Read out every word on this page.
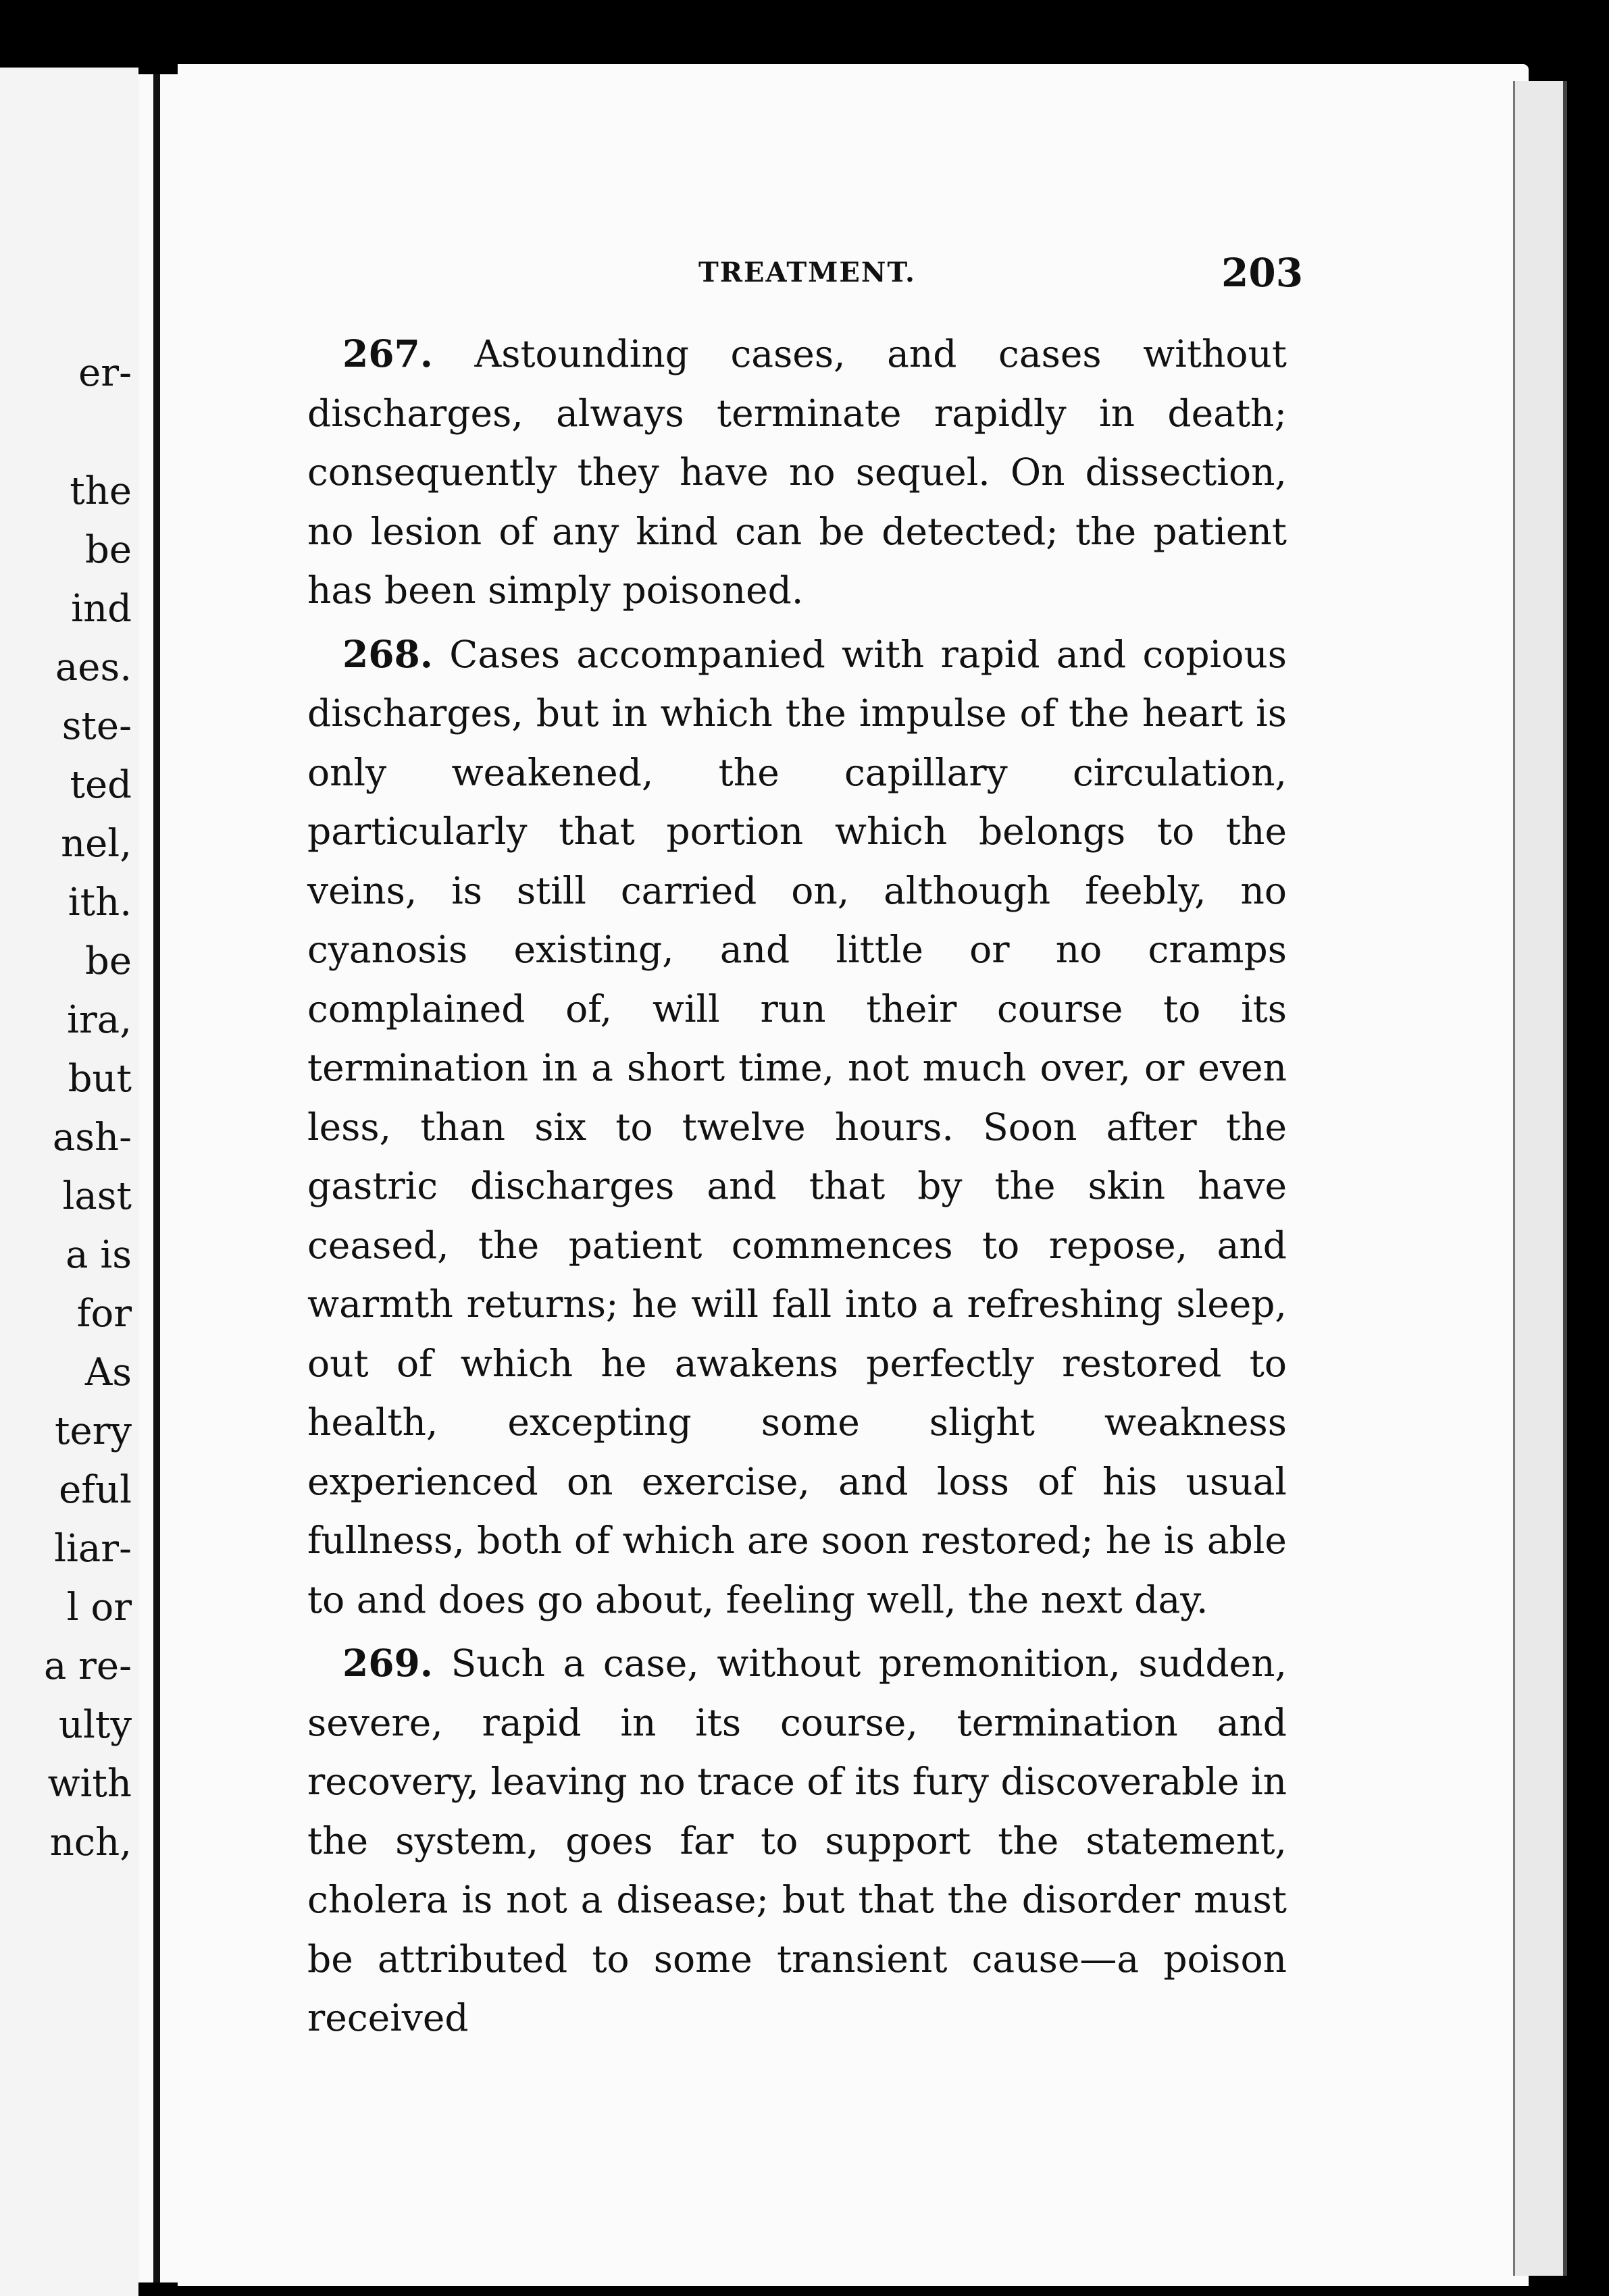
er-
the
be
ind
aes.
ste-
ted
nel,
ith.
be
ira,
but
ash-
last
a is
for
As
tery
eful
liar-
l or
a re-
ulty
with
nch,
TREATMENT.	203

267. Astounding cases, and cases without discharges, always terminate rapidly in death; consequently they have no sequel. On dissection, no lesion of any kind can be detected; the patient has been simply poisoned.

268. Cases accompanied with rapid and copious discharges, but in which the impulse of the heart is only weakened, the capillary circulation, particularly that portion which belongs to the veins, is still carried on, although feebly, no cyanosis existing, and little or no cramps complained of, will run their course to its termination in a short time, not much over, or even less, than six to twelve hours. Soon after the gastric discharges and that by the skin have ceased, the patient commences to repose, and warmth returns; he will fall into a refreshing sleep, out of which he awakens perfectly restored to health, excepting some slight weakness experienced on exercise, and loss of his usual fullness, both of which are soon restored; he is able to and does go about, feeling well, the next day.

269. Such a case, without premonition, sudden, severe, rapid in its course, termination and recovery, leaving no trace of its fury discoverable in the system, goes far to support the statement, cholera is not a disease; but that the disorder must be attributed to some transient cause—a poison received
